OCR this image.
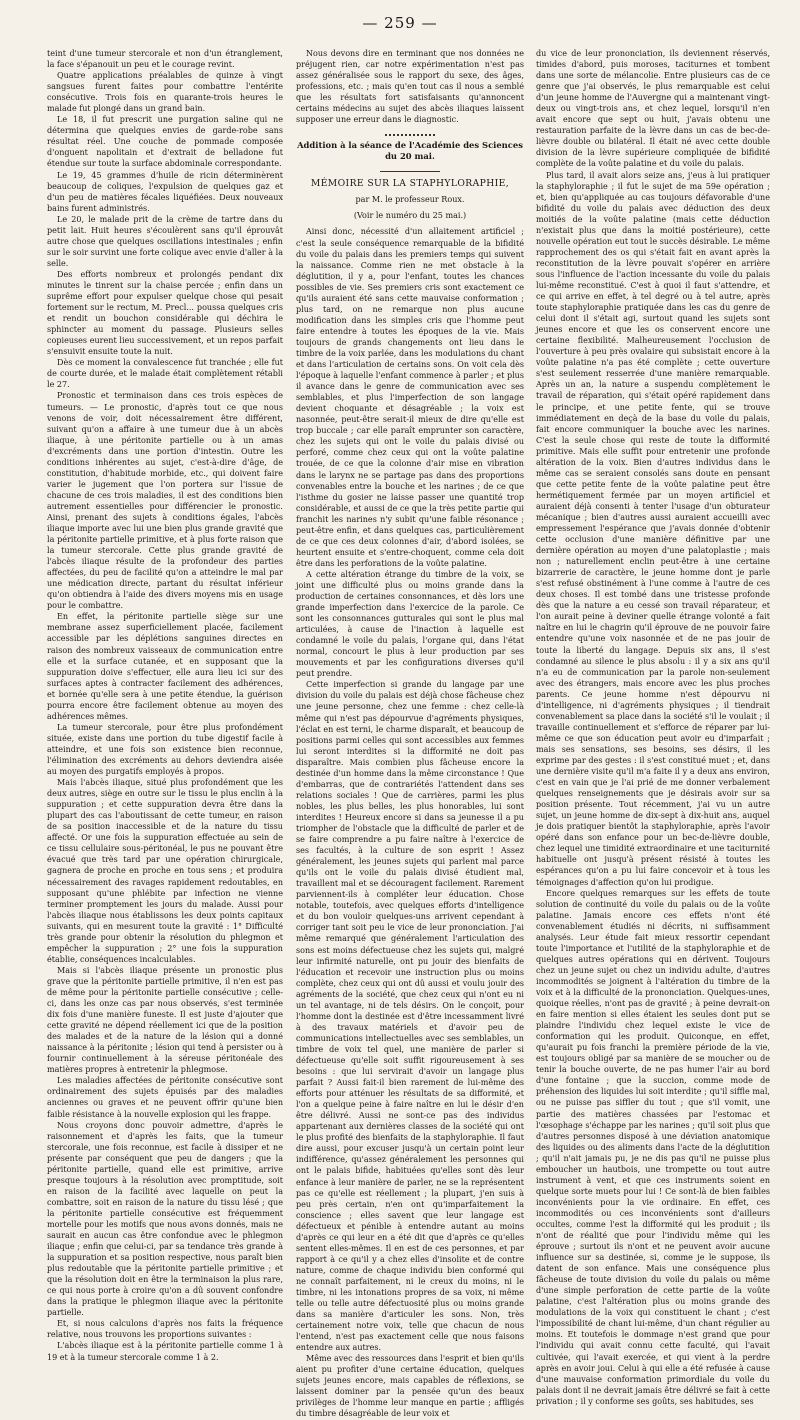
— 259 —

teint d'une tumeur stercorale et non d'un étranglement, la face s'épanouit un peu et le courage revint.

Quatre applications préalables de quinze à vingt sangsues furent faites pour combattre l'entérite consécutive. Trois fois en quarante-trois heures le malade fut plongé dans un grand bain.

Le 18, il fut prescrit une purgation saline qui ne détermina que quelques envies de garde-robe sans résultat réel. Une couche de pommade composée d'onguent napolitain et d'extrait de belladone fut étendue sur toute la surface abdominale correspondante.

Le 19, 45 grammes d'huile de ricin déterminèrent beaucoup de coliques, l'expulsion de quelques gaz et d'un peu de matières fécales liquéfiées. Deux nouveaux bains furent administrés.

Le 20, le malade prit de la crème de tartre dans du petit lait. Huit heures s'écoulèrent sans qu'il éprouvât autre chose que quelques oscillations intestinales ; enfin sur le soir survint une forte colique avec envie d'aller à la selle.

Des efforts nombreux et prolongés pendant dix minutes le tinrent sur la chaise percée ; enfin dans un suprême effort pour expulser quelque chose qui pesait fortement sur le rectum, M. Precl... poussa quelques cris et rendit un bouchon considérable qui déchira le sphincter au moment du passage. Plusieurs selles copieuses eurent lieu successivement, et un repos parfait s'ensuivit ensuite toute la nuit.

Dès ce moment la convalescence fut tranchée ; elle fut de courte durée, et le malade était complètement rétabli le 27.

Pronostic et terminaison dans ces trois espèces de tumeurs. — Le pronostic, d'après tout ce que nous venons de voir, doit nécessairement être différent, suivant qu'on a affaire à une tumeur due à un abcès iliaque, à une péritonite partielle ou à un amas d'excréments dans une portion d'intestin. Outre les conditions inhérentes au sujet, c'est-à-dire d'âge, de constitution, d'habitude morbide, etc., qui doivent faire varier le jugement que l'on portera sur l'issue de chacune de ces trois maladies, il est des conditions bien autrement essentielles pour différencier le pronostic. Ainsi, prenant des sujets à conditions égales, l'abcès iliaque importe avec lui une bien plus grande gravité que la péritonite partielle primitive, et à plus forte raison que la tumeur stercorale. Cette plus grande gravité de l'abcès iliaque résulte de la profondeur des parties affectées, du peu de facilité qu'on a atteindre le mal par une médication directe, partant du résultat inférieur qu'on obtiendra à l'aide des divers moyens mis en usage pour le combattre.

En effet, la péritonite partielle siège sur une membrane assez superficiellement placée, facilement accessible par les déplétions sanguines directes en raison des nombreux vaisseaux de communication entre elle et la surface cutanée, et en supposant que la suppuration doive s'effectuer, elle aura lieu ici sur des surfaces aptes à contracter facilement des adhérences, et bornée qu'elle sera à une petite étendue, la guérison pourra encore être facilement obtenue au moyen des adhérences mêmes.

La tumeur stercorale, pour être plus profondément située, existe dans une portion du tube digestif facile à atteindre, et une fois son existence bien reconnue, l'élimination des excréments au dehors deviendra aisée au moyen des purgatifs employés à propos.

Mais l'abcès iliaque, situé plus profondément que les deux autres, siège en outre sur le tissu le plus enclin à la suppuration ; et cette suppuration devra être dans la plupart des cas l'aboutissant de cette tumeur, en raison de sa position inaccessible et de la nature du tissu affecté. Or une fois la suppuration effectuée au sein de ce tissu cellulaire sous-péritonéal, le pus ne pouvant être évacué que très tard par une opération chirurgicale, gagnera de proche en proche en tous sens ; et produira nécessairement des ravages rapidement redoutables, en supposant qu'une phlébite par infection ne vienne terminer promptement les jours du malade. Aussi pour l'abcès iliaque nous établissons les deux points capitaux suivants, qui en mesurent toute la gravité : 1° Difficulté très grande pour obtenir la résolution du phlegmon et empêcher la suppuration ; 2° une fois la suppuration établie, conséquences incalculables.

Mais si l'abcès iliaque présente un pronostic plus grave que la péritonite partielle primitive, il n'en est pas de même pour la péritonite partielle consécutive ; celle-ci, dans les onze cas par nous observés, s'est terminée dix fois d'une manière funeste. Il est juste d'ajouter que cette gravité ne dépend réellement ici que de la position des malades et de la nature de la lésion qui a donné naissance à la péritonite ; lésion qui tend à persister ou à fournir continuellement à la séreuse péritonéale des matières propres à entretenir la phlegmose.

Les maladies affectées de péritonite consécutive sont ordinairement des sujets épuisés par des maladies anciennes ou graves et ne peuvent offrir qu'une bien faible résistance à la nouvelle explosion qui les frappe.

Nous croyons donc pouvoir admettre, d'après le raisonnement et d'après les faits, que la tumeur stercorale, une fois reconnue, est facile à dissiper et ne présente par conséquent que peu de dangers ; que la péritonite partielle, quand elle est primitive, arrive presque toujours à la résolution avec promptitude, soit en raison de la facilité avec laquelle on peut la combattre, soit en raison de la nature du tissu lésé ; que la péritonite partielle consécutive est fréquemment mortelle pour les motifs que nous avons donnés, mais ne saurait en aucun cas être confondue avec le phlegmon iliaque ; enfin que celui-ci, par sa tendance très grande à la suppuration et sa position respective, nous paraît bien plus redoutable que la péritonite partielle primitive ; et que la résolution doit en être la terminaison la plus rare, ce qui nous porte à croire qu'on a dû souvent confondre dans la pratique le phlegmon iliaque avec la péritonite partielle.

Et, si nous calculons d'après nos faits la fréquence relative, nous trouvons les proportions suivantes :

L'abcès iliaque est à la péritonite partielle comme 1 à 19 et à la tumeur stercorale comme 1 à 2.

Nous devons dire en terminant que nos données ne préjugent rien, car notre expérimentation n'est pas assez généralisée sous le rapport du sexe, des âges, professions, etc. ; mais qu'en tout cas il nous a semblé que les résultats fort satisfaisants qu'annoncent certains médecins au sujet des abcès iliaques laissent supposer une erreur dans le diagnostic.

Addition à la séance de l'Académie des Sciences du 20 mai.

MÉMOIRE SUR LA STAPHYLORAPHIE,

par M. le professeur Roux.

(Voir le numéro du 25 mai.)

Ainsi donc, nécessité d'un allaitement artificiel ; c'est la seule conséquence remarquable de la bifidité du voile du palais dans les premiers temps qui suivent la naissance. Comme rien ne met obstacle à la déglutition, il y a, pour l'enfant, toutes les chances possibles de vie. Ses premiers cris sont exactement ce qu'ils auraient été sans cette mauvaise conformation ; plus tard, on ne remarque non plus aucune modification dans les simples cris que l'homme peut faire entendre à toutes les époques de la vie. Mais toujours de grands changements ont lieu dans le timbre de la voix parlée, dans les modulations du chant et dans l'articulation de certains sons. On voit cela dès l'époque à laquelle l'enfant commence à parler ; et plus il avance dans le genre de communication avec ses semblables, et plus l'imperfection de son langage devient choquante et désagréable ; la voix est nasonnée, peut-être serait-il mieux de dire qu'elle est trop buccale ; car elle paraît emprunter son caractère, chez les sujets qui ont le voile du palais divisé ou perforé, comme chez ceux qui ont la voûte palatine trouée, de ce que la colonne d'air mise en vibration dans le larynx ne se partage pas dans des proportions convenables entre la bouche et les narines ; de ce que l'isthme du gosier ne laisse passer une quantité trop considérable, et aussi de ce que la très petite partie qui franchit les narines n'y subit qu'une faible résonance ; peut-être enfin, et dans quelques cas, particulièrement de ce que ces deux colonnes d'air, d'abord isolées, se heurtent ensuite et s'entre-choquent, comme cela doit être dans les perforations de la voûte palatine.

A cette altération étrange du timbre de la voix, se joint une difficulté plus ou moins grande dans la production de certaines consonnances, et dès lors une grande imperfection dans l'exercice de la parole. Ce sont les consonnances gutturales qui sont le plus mal articulées, à cause de l'inaction à laquelle est condamné le voile du palais, l'organe qui, dans l'état normal, concourt le plus à leur production par ses mouvements et par les configurations diverses qu'il peut prendre.

Cette imperfection si grande du langage par une division du voile du palais est déjà chose fâcheuse chez une jeune personne, chez une femme : chez celle-là même qui n'est pas dépourvue d'agréments physiques, l'éclat en est terni, le charme disparaît, et beaucoup de positions parmi celles qui sont accessibles aux femmes lui seront interdites si la difformité ne doit pas disparaître. Mais combien plus fâcheuse encore la destinée d'un homme dans la même circonstance ! Que d'embarras, que de contrariétés l'attendent dans ses relations sociales ! Que de carrières, parmi les plus nobles, les plus belles, les plus honorables, lui sont interdites ! Heureux encore si dans sa jeunesse il a pu triompher de l'obstacle que la difficulté de parler et de se faire comprendre a pu faire naître à l'exercice de ses facultés, à la culture de son esprit ! Assez généralement, les jeunes sujets qui parlent mal parce qu'ils ont le voile du palais divisé étudient mal, travaillent mal et se découragent facilement. Rarement parviennent-ils à compléter leur éducation. Chose notable, toutefois, avec quelques efforts d'intelligence et du bon vouloir quelques-uns arrivent cependant à corriger tant soit peu le vice de leur prononciation. J'ai même remarqué que généralement l'articulation des sons est moins défectueuse chez les sujets qui, malgré leur infirmité naturelle, ont pu jouir des bienfaits de l'éducation et recevoir une instruction plus ou moins complète, chez ceux qui ont dû aussi et voulu jouir des agréments de la société, que chez ceux qui n'ont eu ni un tel avantage, ni de tels désirs. On le conçoit, pour l'homme dont la destinée est d'être incessamment livré à des travaux matériels et d'avoir peu de communications intellectuelles avec ses semblables, un timbre de voix tel quel, une manière de parler si défectueuse qu'elle soit suffit rigoureusement à ses besoins : que lui servirait d'avoir un langage plus parfait ? Aussi fait-il bien rarement de lui-même des efforts pour atténuer les résultats de sa difformité, et l'on a quelque peine à faire naître en lui le désir d'en être délivré. Aussi ne sont-ce pas des individus appartenant aux dernières classes de la société qui ont le plus profité des bienfaits de la staphyloraphie. Il faut dire aussi, pour excuser jusqu'à un certain point leur indifférence, qu'assez généralement les personnes qui ont le palais bifide, habituées qu'elles sont dès leur enfance à leur manière de parler, ne se la représentent pas ce qu'elle est réellement ; la plupart, j'en suis à peu près certain, n'en ont qu'imparfaitement la conscience ; elles savent que leur langage est défectueux et pénible à entendre autant au moins d'après ce qui leur en a été dit que d'après ce qu'elles sentent elles-mêmes. Il en est de ces personnes, et par rapport à ce qu'il y a chez elles d'insolite et de contre nature, comme de chaque individu bien conformé qui ne connaît parfaitement, ni le creux du moins, ni le timbre, ni les intonations propres de sa voix, ni même telle ou telle autre défectuosité plus ou moins grande dans sa manière d'articuler les sons. Non, très certainement notre voix, telle que chacun de nous l'entend, n'est pas exactement celle que nous faisons entendre aux autres.

Même avec des ressources dans l'esprit et bien qu'ils aient pu profiter d'une certaine éducation, quelques sujets jeunes encore, mais capables de réflexions, se laissent dominer par la pensée qu'un des beaux privilèges de l'homme leur manque en partie ; affligés du timbre désagréable de leur voix et

du vice de leur prononciation, ils deviennent réservés, timides d'abord, puis moroses, taciturnes et tombent dans une sorte de mélancolie. Entre plusieurs cas de ce genre que j'ai observés, le plus remarquable est celui d'un jeune homme de l'Auvergne qui a maintenant vingt-deux ou vingt-trois ans, et chez lequel, lorsqu'il n'en avait encore que sept ou huit, j'avais obtenu une restauration parfaite de la lèvre dans un cas de bec-de-lièvre double ou bilatéral. Il était né avec cette double division de la lèvre supérieure compliquée de bifidité complète de la voûte palatine et du voile du palais.

Plus tard, il avait alors seize ans, j'eus à lui pratiquer la staphyloraphie ; il fut le sujet de ma 59e opération ; et, bien qu'appliquée au cas toujours défavorable d'une bifidité du voile du palais avec déduction des deux moitiés de la voûte palatine (mais cette déduction n'existait plus que dans la moitié postérieure), cette nouvelle opération eut tout le succès désirable. Le même rapprochement des os qui s'était fait en avant après la reconstitution de la lèvre pouvait s'opérer en arrière sous l'influence de l'action incessante du voile du palais lui-même reconstitué. C'est à quoi il faut s'attendre, et ce qui arrive en effet, à tel degré ou à tel autre, après toute staphyloraphie pratiquée dans les cas du genre de celui dont il s'était agi, surtout quand les sujets sont jeunes encore et que les os conservent encore une certaine flexibilité. Malheureusement l'occlusion de l'ouverture à peu près ovalaire qui subsistait encore à la voûte palatine n'a pas été complète ; cette ouverture s'est seulement resserrée d'une manière remarquable. Après un an, la nature a suspendu complètement le travail de réparation, qui s'était opéré rapidement dans le principe, et une petite fente, qui se trouve immédiatement en deçà de la base du voile du palais, fait encore communiquer la bouche avec les narines. C'est la seule chose qui reste de toute la difformité primitive. Mais elle suffit pour entretenir une profonde altération de la voix. Bien d'autres individus dans le même cas se seraient consolés sans doute en pensant que cette petite fente de la voûte palatine peut être hermétiquement fermée par un moyen artificiel et auraient déjà consenti à tenter l'usage d'un obturateur mécanique ; bien d'autres aussi auraient accueilli avec empressement l'espérance que j'avais donnée d'obtenir cette occlusion d'une manière définitive par une dernière opération au moyen d'une palatoplastie ; mais non ; naturellement enclin peut-être à une certaine bizarrerie de caractère, le jeune homme dont je parle s'est refusé obstinément à l'une comme à l'autre de ces deux choses. Il est tombé dans une tristesse profonde dès que la nature a eu cessé son travail réparateur, et l'on aurait peine à deviner quelle étrange volonté a fait naître en lui le chagrin qu'il éprouve de ne pouvoir faire entendre qu'une voix nasonnée et de ne pas jouir de toute la liberté du langage. Depuis six ans, il s'est condamné au silence le plus absolu : il y a six ans qu'il n'a eu de communication par la parole non-seulement avec des étrangers, mais encore avec les plus proches parents. Ce jeune homme n'est dépourvu ni d'intelligence, ni d'agréments physiques ; il tiendrait convenablement sa place dans la société s'il le voulait ; il travaille continuellement et s'efforce de réparer par lui-même ce que son éducation peut avoir eu d'imparfait ; mais ses sensations, ses besoins, ses désirs, il les exprime par des gestes : il s'est constitué muet ; et, dans une dernière visite qu'il m'a faite il y a deux ans environ, c'est en vain que je l'ai prié de me donner verbalement quelques renseignements que je désirais avoir sur sa position présente. Tout récemment, j'ai vu un autre sujet, un jeune homme de dix-sept à dix-huit ans, auquel je dois pratiquer bientôt la staphyloraphie, après l'avoir opéré dans son enfance pour un bec-de-lièvre double, chez lequel une timidité extraordinaire et une taciturnité habituelle ont jusqu'à présent résisté à toutes les espérances qu'on a pu lui faire concevoir et à tous les témoignages d'affection qu'on lui prodigue.

Encore quelques remarques sur les effets de toute solution de continuité du voile du palais ou de la voûte palatine. Jamais encore ces effets n'ont été convenablement étudiés ni décrits, ni suffisamment analysés. Leur étude fait mieux ressortir cependant toute l'importance et l'utilité de la staphyloraphie et de quelques autres opérations qui en dérivent. Toujours chez un jeune sujet ou chez un individu adulte, d'autres incommodités se joignent à l'altération du timbre de la voix et à la difficulté de la prononciation. Quelques-unes, quoique réelles, n'ont pas de gravité ; à peine devrait-on en faire mention si elles étaient les seules dont put se plaindre l'individu chez lequel existe le vice de conformation qui les produit. Quiconque, en effet, qu'aurait pu fois franchi la première période de la vie, est toujours obligé par sa manière de se moucher ou de tenir la bouche ouverte, de ne pas humer l'air au bord d'une fontaine ; que la succion, comme mode de préhension des liquides lui soit interdite ; qu'il siffle mal, ou ne puisse pas siffler du tout ; que s'il vomit, une partie des matières chassées par l'estomac et l'œsophage s'échappe par les narines ; qu'il soit plus que d'autres personnes disposé à une déviation anatomique des liquides ou des aliments dans l'acte de la déglutition ; qu'il n'ait jamais pu, je ne dis pas qu'il ne puisse plus emboucher un hautbois, une trompette ou tout autre instrument à vent, et que ces instruments soient en quelque sorte muets pour lui ! Ce sont-là de bien faibles inconvénients pour la vie ordinaire. En effet, ces incommodités ou ces inconvénients sont d'ailleurs occultes, comme l'est la difformité qui les produit ; ils n'ont de réalité que pour l'individu même qui les éprouve ; surtout ils n'ont et ne peuvent avoir aucune influence sur sa destinée, si, comme je le suppose, ils datent de son enfance. Mais une conséquence plus fâcheuse de toute division du voile du palais ou même d'une simple perforation de cette partie de la voûte palatine, c'est l'altération plus ou moins grande des modulations de la voix qui constituent le chant ; c'est l'impossibilité de chant lui-même, d'un chant régulier au moins. Et toutefois le dommage n'est grand que pour l'individu qui avait connu cette faculté, qui l'avait cultivée, qui l'avait exercée, et qui vient à la perdre après en avoir joui. Celui à qui elle a été refusée à cause d'une mauvaise conformation primordiale du voile du palais dont il ne devrait jamais être délivré se fait à cette privation ; il y conforme ses goûts, ses habitudes, ses
